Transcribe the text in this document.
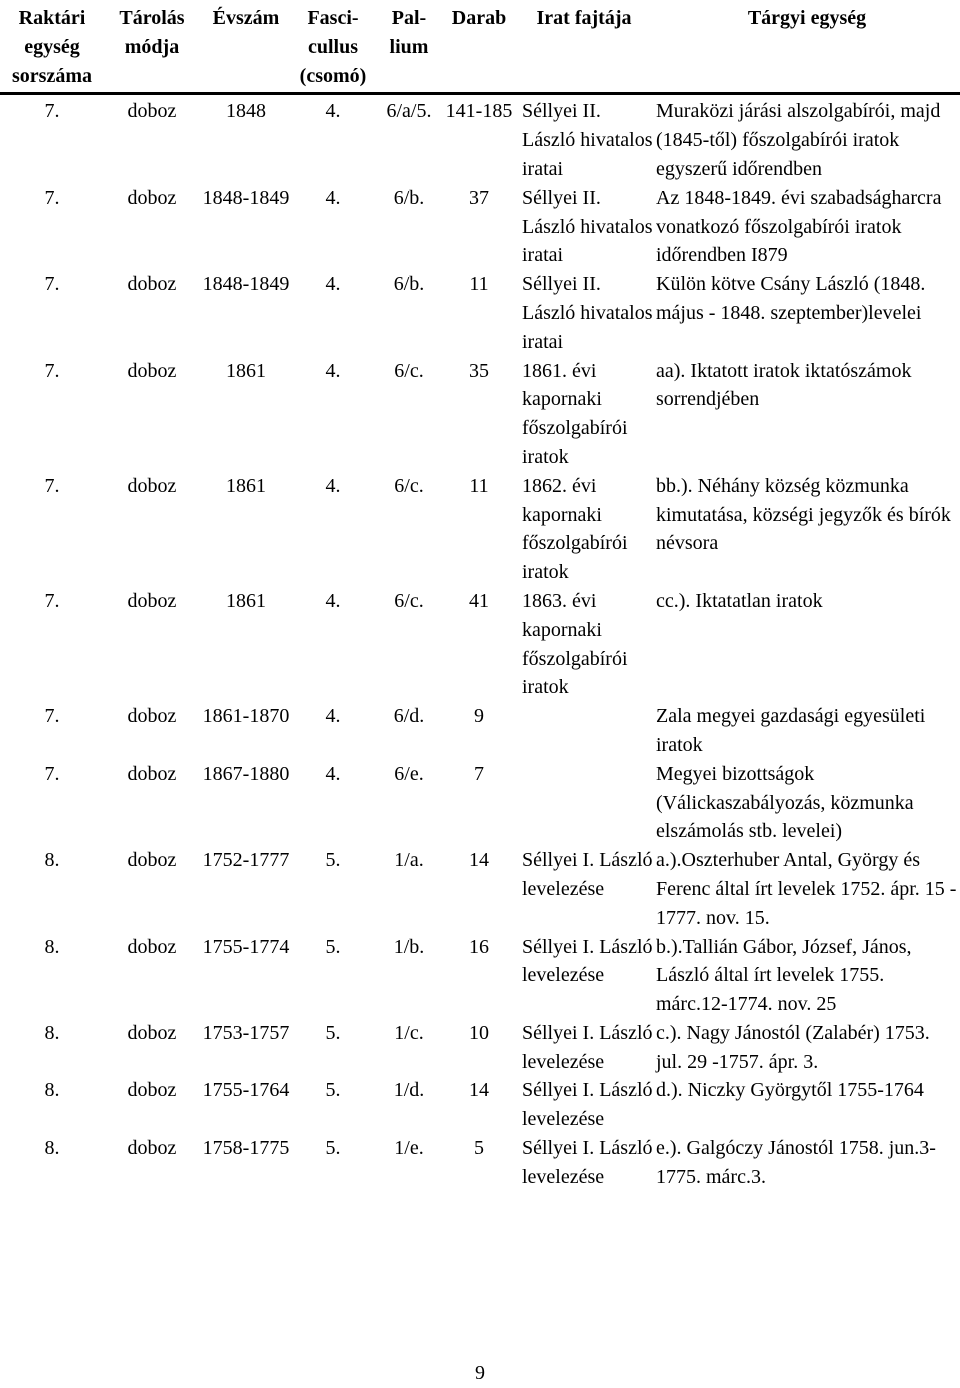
Raktári egység sorszáma	Tárolás módja	Évszám	Fasci-cullus (csomó)	Pal-lium	Darab	Irat fajtája	Tárgyi egység
7.	doboz	1848	4.	6/a/5.	141-185	Séllyei II. László hivatalos iratai	Muraközi járási alszolgabírói, majd (1845-től) főszolgabírói iratok egyszerű időrendben
7.	doboz	1848-1849	4.	6/b.	37	Séllyei II. László hivatalos iratai	Az 1848-1849. évi szabadságharcra vonatkozó főszolgabírói iratok időrendben I879
7.	doboz	1848-1849	4.	6/b.	11	Séllyei II. László hivatalos iratai	Külön kötve Csány László (1848. május - 1848. szeptember)levelei
7.	doboz	1861	4.	6/c.	35	1861. évi kapornaki főszolgabírói iratok	aa). Iktatott iratok iktatószámok sorrendjében
7.	doboz	1861	4.	6/c.	11	1862. évi kapornaki főszolgabírói iratok	bb.). Néhány község közmunka kimutatása, községi jegyzők és bírók névsora
7.	doboz	1861	4.	6/c.	41	1863. évi kapornaki főszolgabírói iratok	cc.). Iktatatlan iratok
7.	doboz	1861-1870	4.	6/d.	9		Zala megyei gazdasági egyesületi iratok
7.	doboz	1867-1880	4.	6/e.	7		Megyei bizottságok (Válickaszabályozás, közmunka elszámolás stb. levelei)
8.	doboz	1752-1777	5.	1/a.	14	Séllyei I. László levelezése	a.).Oszterhuber Antal, György és Ferenc által írt levelek 1752. ápr. 15 - 1777. nov. 15.
8.	doboz	1755-1774	5.	1/b.	16	Séllyei I. László levelezése	b.).Tallián Gábor, József, János, László által írt levelek 1755. márc.12-1774. nov. 25
8.	doboz	1753-1757	5.	1/c.	10	Séllyei I. László levelezése	c.). Nagy Jánostól (Zalabér) 1753. jul. 29 -1757. ápr. 3.
8.	doboz	1755-1764	5.	1/d.	14	Séllyei I. László levelezése	d.). Niczky Györgytől 1755-1764
8.	doboz	1758-1775	5.	1/e.	5	Séllyei I. László levelezése	e.). Galgóczy Jánostól 1758. jun.3-1775. márc.3.
9
